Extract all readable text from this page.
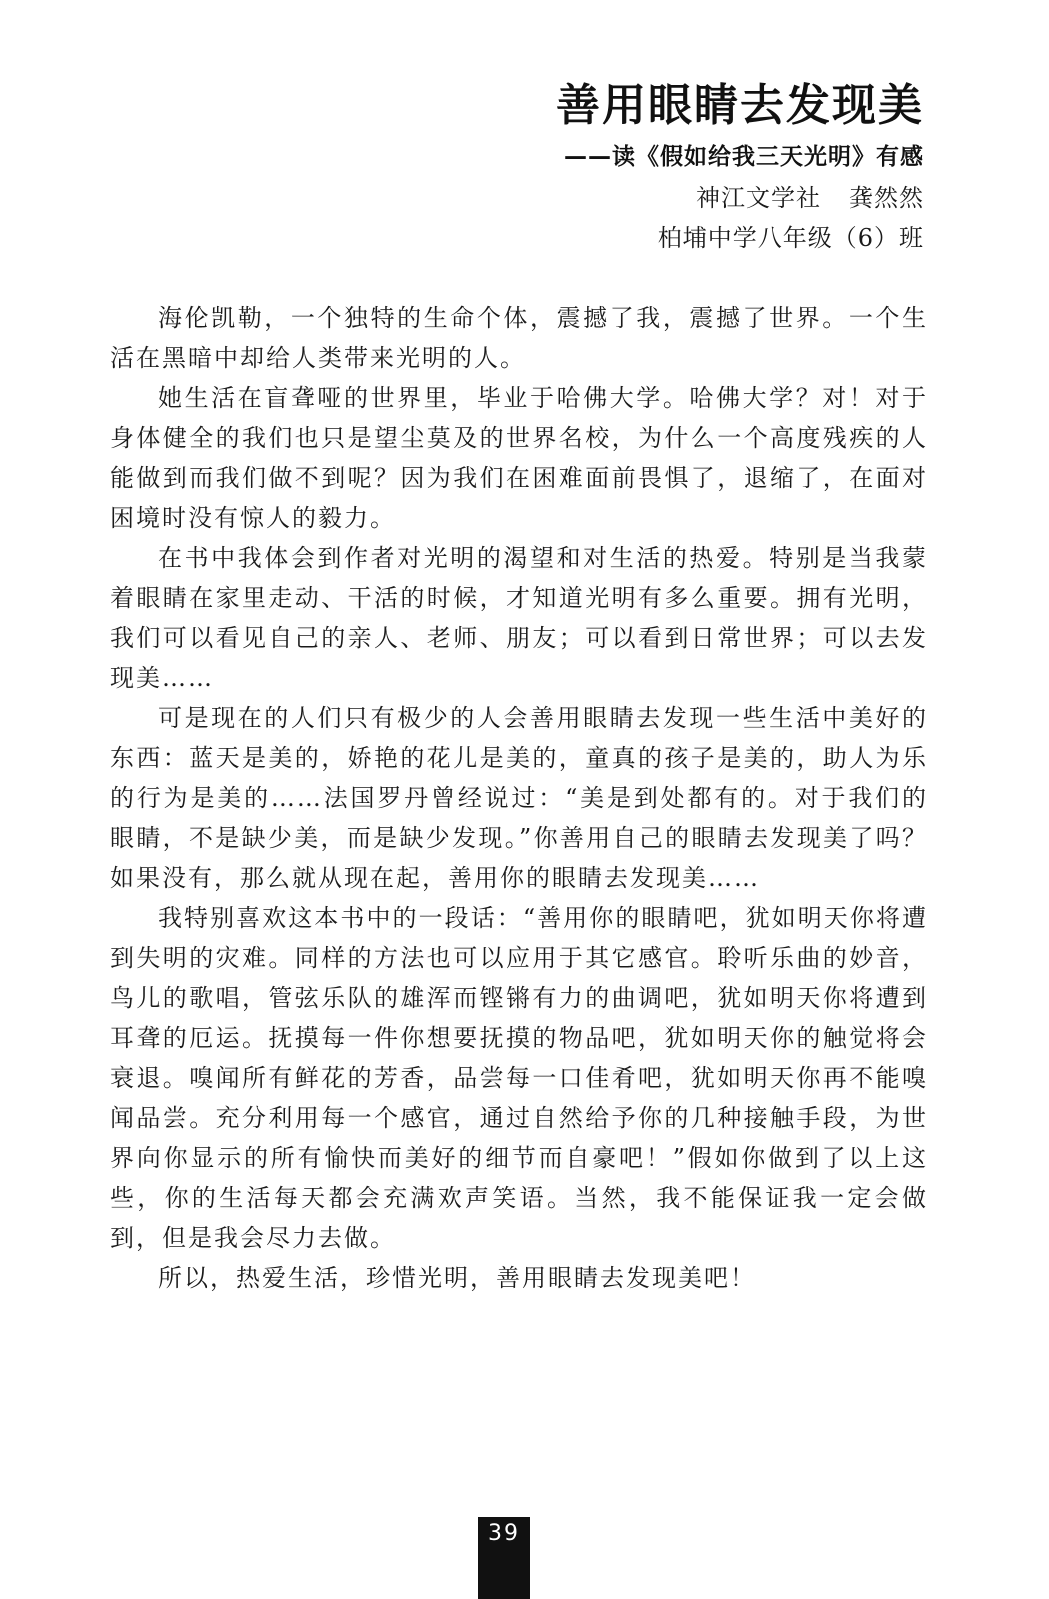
善用眼睛去发现美
——读《假如给我三天光明》有感
神江文学社 龚然然
柏埔中学八年级（6）班

海伦凯勒，一个独特的生命个体，震撼了我，震撼了世界。一个生活在黑暗中却给人类带来光明的人。

她生活在盲聋哑的世界里，毕业于哈佛大学。哈佛大学？对！对于身体健全的我们也只是望尘莫及的世界名校，为什么一个高度残疾的人能做到而我们做不到呢？因为我们在困难面前畏惧了，退缩了，在面对困境时没有惊人的毅力。

在书中我体会到作者对光明的渴望和对生活的热爱。特别是当我蒙着眼睛在家里走动、干活的时候，才知道光明有多么重要。拥有光明，我们可以看见自己的亲人、老师、朋友；可以看到日常世界；可以去发现美……

可是现在的人们只有极少的人会善用眼睛去发现一些生活中美好的东西：蓝天是美的，娇艳的花儿是美的，童真的孩子是美的，助人为乐的行为是美的……法国罗丹曾经说过：“美是到处都有的。对于我们的眼睛，不是缺少美，而是缺少发现。”你善用自己的眼睛去发现美了吗？如果没有，那么就从现在起，善用你的眼睛去发现美……

我特别喜欢这本书中的一段话：“善用你的眼睛吧，犹如明天你将遭到失明的灾难。同样的方法也可以应用于其它感官。聆听乐曲的妙音，鸟儿的歌唱，管弦乐队的雄浑而铿锵有力的曲调吧，犹如明天你将遭到耳聋的厄运。抚摸每一件你想要抚摸的物品吧，犹如明天你的触觉将会衰退。嗅闻所有鲜花的芳香，品尝每一口佳肴吧，犹如明天你再不能嗅闻品尝。充分利用每一个感官，通过自然给予你的几种接触手段，为世界向你显示的所有愉快而美好的细节而自豪吧！”假如你做到了以上这些，你的生活每天都会充满欢声笑语。当然，我不能保证我一定会做到，但是我会尽力去做。

所以，热爱生活，珍惜光明，善用眼睛去发现美吧！

39
